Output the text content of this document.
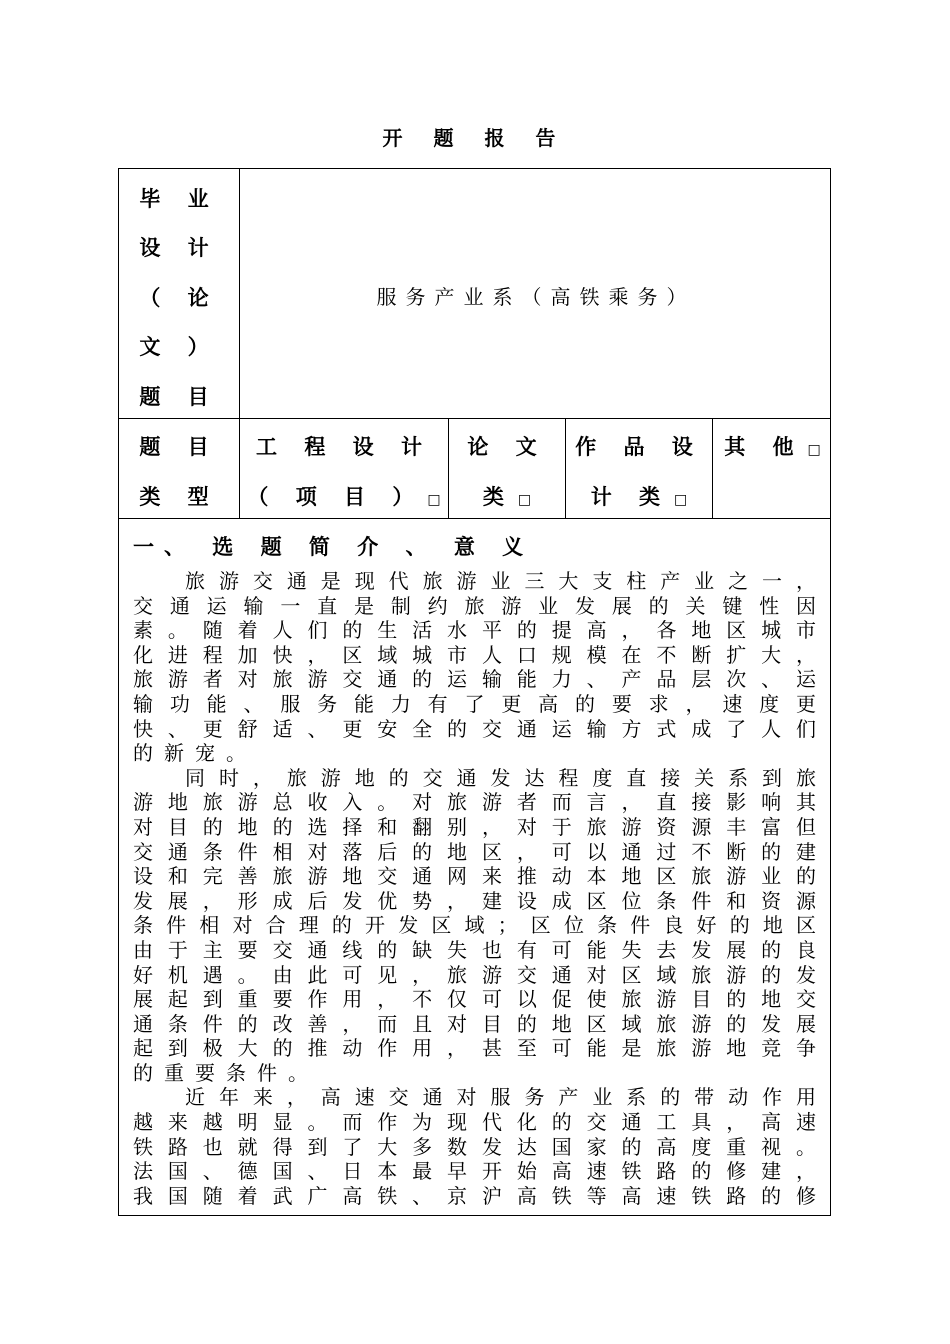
开 题 报 告
毕 业
设 计
（ 论
文 ）
题 目
服务产业系（高铁乘务）
题 目
类 型
工 程 设 计
（ 项 目 ） □
论 文
类 □
作 品 设
计 类 □
其 他 □
一、 选 题 简 介 、 意 义
旅游交通是现代旅游业三大支柱产业之一，
交通运输一直是制约旅游业发展的关键性因
素。随着人们的生活水平的提高，各地区城市
化进程加快，区域城市人口规模在不断扩大，
旅游者对旅游交通的运输能力、产品层次、运
输功能、服务能力有了更高的要求，速度更
快、更舒适、更安全的交通运输方式成了人们
的新宠。
同时，旅游地的交通发达程度直接关系到旅
游地旅游总收入。对旅游者而言，直接影响其
对目的地的选择和翻别，对于旅游资源丰富但
交通条件相对落后的地区，可以通过不断的建
设和完善旅游地交通网来推动本地区旅游业的
发展，形成后发优势，建设成区位条件和资源
条件相对合理的开发区域；区位条件良好的地区
由于主要交通线的缺失也有可能失去发展的良
好机遇。由此可见，旅游交通对区域旅游的发
展起到重要作用，不仅可以促使旅游目的地交
通条件的改善，而且对目的地区域旅游的发展
起到极大的推动作用，甚至可能是旅游地竞争
的重要条件。
近年来，高速交通对服务产业系的带动作用
越来越明显。而作为现代化的交通工具，高速
铁路也就得到了大多数发达国家的高度重视。
法国、德国、日本最早开始高速铁路的修建，
我国随着武广高铁、京沪高铁等高速铁路的修
